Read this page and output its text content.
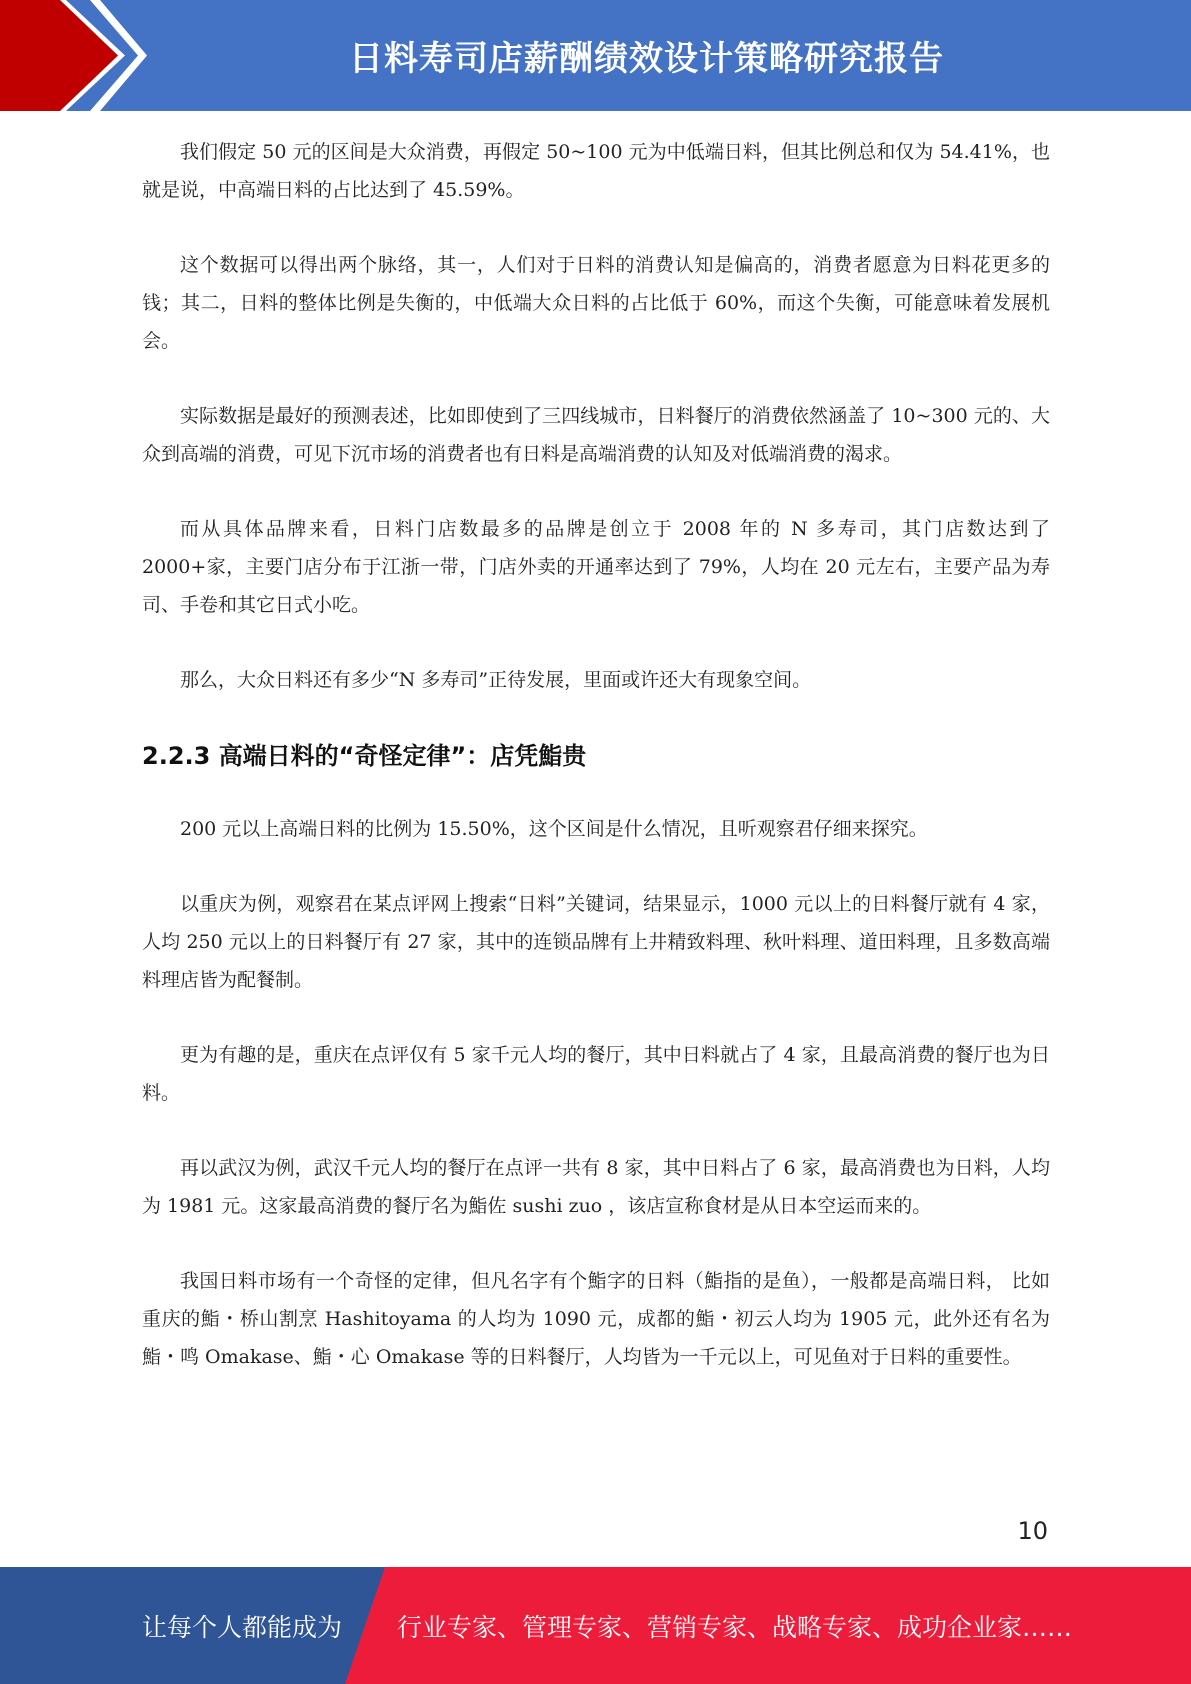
日料寿司店薪酬绩效设计策略研究报告

我们假定 50 元的区间是大众消费，再假定 50~100 元为中低端日料，但其比例总和仅为 54.41%，也就是说，中高端日料的占比达到了 45.59%。

这个数据可以得出两个脉络，其一，人们对于日料的消费认知是偏高的，消费者愿意为日料花更多的钱；其二，日料的整体比例是失衡的，中低端大众日料的占比低于 60%，而这个失衡，可能意味着发展机会。

实际数据是最好的预测表述，比如即使到了三四线城市，日料餐厅的消费依然涵盖了 10~300 元的、大众到高端的消费，可见下沉市场的消费者也有日料是高端消费的认知及对低端消费的渴求。

而从具体品牌来看，日料门店数最多的品牌是创立于 2008 年的 N 多寿司，其门店数达到了 2000+家，主要门店分布于江浙一带，门店外卖的开通率达到了 79%，人均在 20 元左右，主要产品为寿司、手卷和其它日式小吃。

那么，大众日料还有多少“N 多寿司”正待发展，里面或许还大有现象空间。

2.2.3 高端日料的“奇怪定律”：店凭鮨贵

200 元以上高端日料的比例为 15.50%，这个区间是什么情况，且听观察君仔细来探究。

以重庆为例，观察君在某点评网上搜索“日料”关键词，结果显示，1000 元以上的日料餐厅就有 4 家，人均 250 元以上的日料餐厅有 27 家，其中的连锁品牌有上井精致料理、秋叶料理、道田料理，且多数高端料理店皆为配餐制。

更为有趣的是，重庆在点评仅有 5 家千元人均的餐厅，其中日料就占了 4 家，且最高消费的餐厅也为日料。

再以武汉为例，武汉千元人均的餐厅在点评一共有 8 家，其中日料占了 6 家，最高消费也为日料，人均为 1981 元。这家最高消费的餐厅名为鮨佐 sushi zuo ，该店宣称食材是从日本空运而来的。

我国日料市场有一个奇怪的定律，但凡名字有个鮨字的日料（鮨指的是鱼），一般都是高端日料， 比如重庆的鮨・桥山割烹 Hashitoyama 的人均为 1090 元，成都的鮨・初云人均为 1905 元，此外还有名为鮨・鸣 Omakase、鮨・心 Omakase 等的日料餐厅，人均皆为一千元以上，可见鱼对于日料的重要性。

10
让每个人都能成为 行业专家、管理专家、营销专家、战略专家、成功企业家……
